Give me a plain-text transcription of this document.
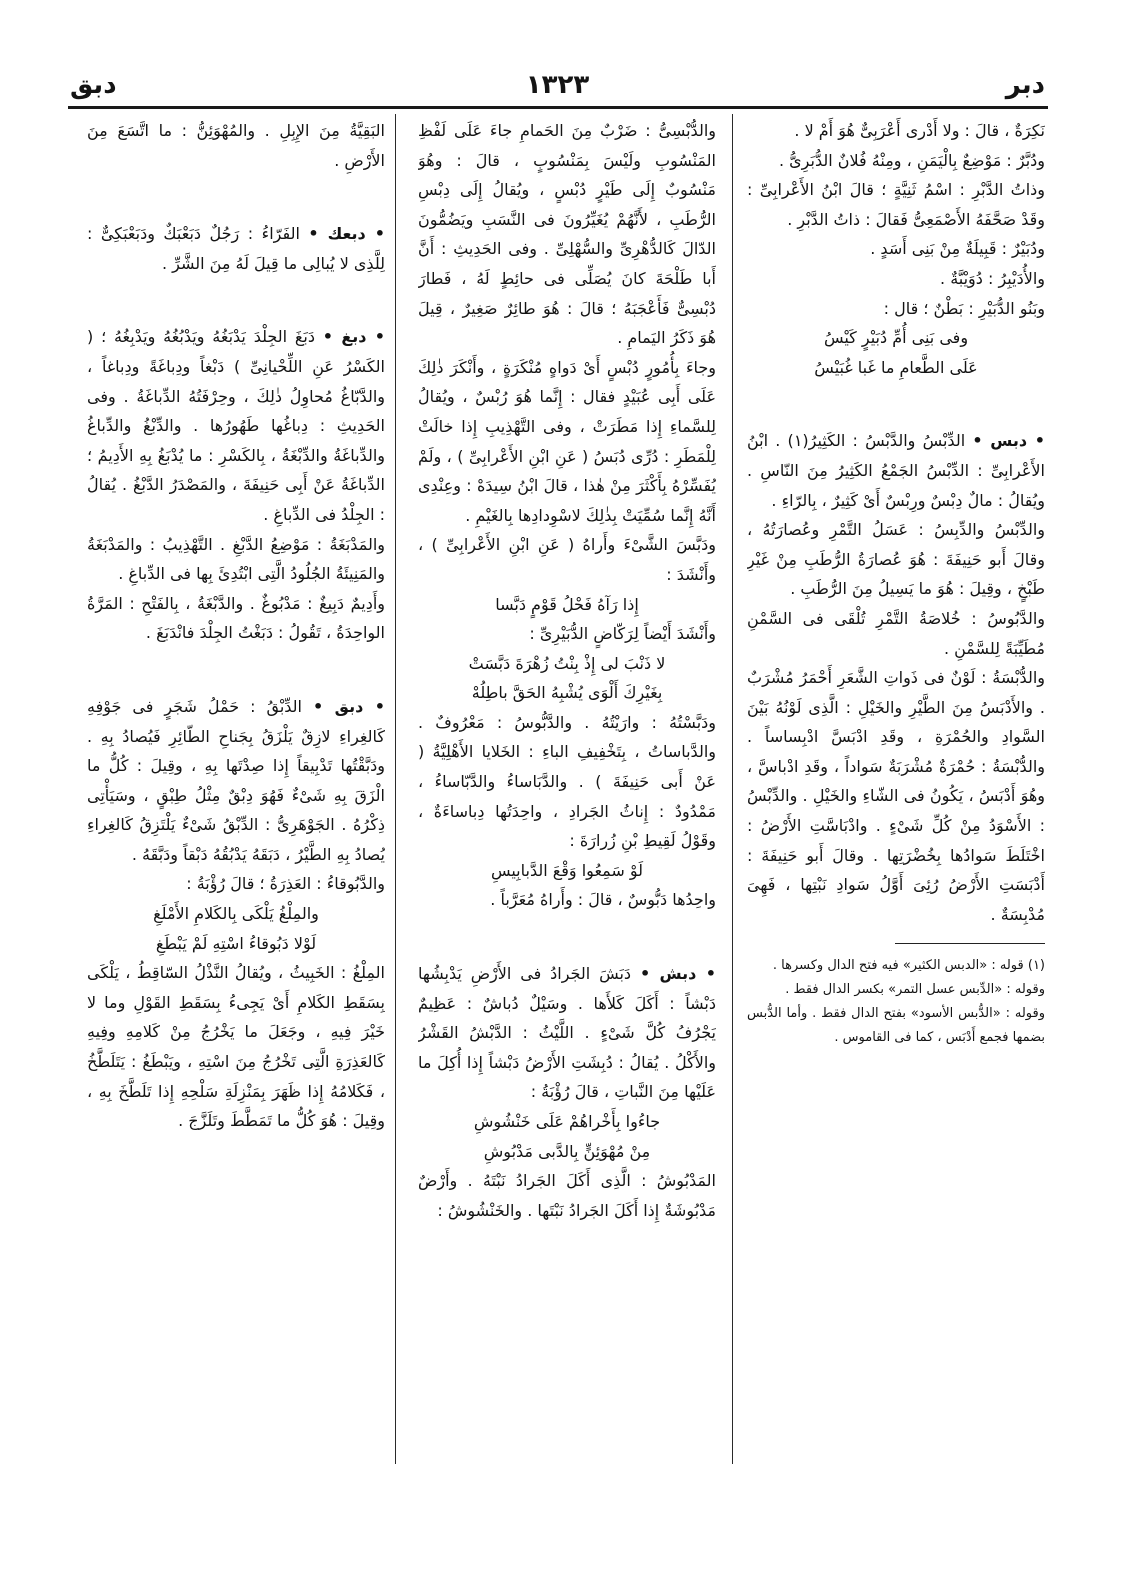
دبر
١٣٢٣
دبق

نَكِرَةٌ ، قالَ : ولا أَدْرى أَعْرَبِىٌّ هُوَ أَمْ لا .

ودُبَّرٌ : مَوْضِعٌ بِالْيَمَنِ ، ومِنْهُ فُلانٌ الدُّبَرِىُّ .

وذاتُ الدَّبْرِ : اسْمُ ثَنِيَّةٍ ؛ قالَ ابْنُ الأَعْرابِىِّ : وقَدْ صَحَّفَهُ الأَصْمَعِىُّ فَقالَ : ذاتُ الدَّبْرِ .

ودُبَيْرٌ : قَبِيلَةٌ مِنْ بَنِى أَسَدٍ .

والأُدَيْبِرُ : دُوَيْبَّةٌ .

وبَنُو الدُّبَيْرِ : بَطْنٌ ؛ قال :

وفى بَنِى أُمِّ دُبَيْرٍ كَيْسُ

عَلَى الطَّعامِ ما غَبا غُبَيْسُ

• دبس • الدِّبْسُ والدَّبْسُ : الكَثِيرُ(١) . ابْنُ الأَعْرابِىِّ : الدِّبْسُ الجَمْعُ الكَثِيرُ مِنَ النّاسِ . ويُقالُ : مالٌ دِبْسٌ ورِبْسٌ أَىْ كَثِيرٌ ، بِالرّاءِ .

والدِّبْسُ والدِّبِسُ : عَسَلُ التَّمْرِ وعُصارَتُهُ ، وقالَ أَبو حَنِيفَةَ : هُوَ عُصارَةُ الرُّطَبِ مِنْ غَيْرِ طَبْخٍ ، وقِيلَ : هُوَ ما يَسِيلُ مِنَ الرُّطَبِ .

والدَّبُوسُ : خُلاصَةُ التَّمْرِ تُلْقَى فى السَّمْنِ مُطَيِّبَةً لِلسَّمْنِ .

والدُّبْسَةُ : لَوْنٌ فى ذَواتِ الشَّعَرِ أَحْمَرُ مُشْرَبٌ . والأَدْبَسُ مِنَ الطَّيْرِ والخَيْلِ : الَّذِى لَوْنُهُ بَيْنَ السَّوادِ والحُمْرَةِ ، وقَدِ ادْبَسَّ ادْبِساساً . والدُّبْسَةُ : حُمْرَةٌ مُشْرَبَةٌ سَواداً ، وقَدِ ادْباسَّ ، وهُوَ أَدْبَسُ ، يَكُونُ فى الشّاءِ والخَيْلِ . والدِّبْسُ : الأَسْوَدُ مِنْ كُلِّ شَىْءٍ . وادْبَاسَّتِ الأَرْضُ : اخْتَلَطَ سَوادُها بِخُضْرَتِها . وقالَ أَبو حَنِيفَةَ : أَدْبَسَتِ الأَرْضُ رُئِىَ أَوَّلُ سَوادِ نَبْتِها ، فَهِىَ مُدْبِسَةٌ .

(١) قوله : «الدبس الكثير» فيه فتح الدال وكسرها .

وقوله : «الدِّبس عسل التمر» بكسر الدال فقط .

وقوله : «الدُّبس الأسود» بفتح الدال فقط . وأما الدُّبس بضمها فجمع أَدْبَس ، كما فى القاموس .

والدُّبْسِىُّ : ضَرْبٌ مِنَ الحَمامِ جاءَ عَلَى لَفْظِ المَنْسُوبِ ولَيْسَ بِمَنْسُوبٍ ، قالَ : وهُوَ مَنْسُوبٌ إِلَى طَيْرٍ دُبْسٍ ، ويُقالُ إِلَى دِبْسِ الرُّطَبِ ، لأَنَّهُمْ يُغَيِّرُونَ فى النَّسَبِ ويَضُمُّونَ الدّالَ كَالدُّهْرِىِّ والسُّهْلِىِّ . وفى الحَدِيثِ : أَنَّ أَبا طَلْحَةَ كانَ يُصَلِّى فى حائِطٍ لَهُ ، فَطارَ دُبْسِىٌّ فَأَعْجَبَهُ ؛ قالَ : هُوَ طائِرٌ صَغِيرٌ ، قِيلَ هُوَ ذَكَرُ اليَمامِ .

وجاءَ بِأُمُورٍ دُبْسٍ أَىْ دَواهٍ مُنْكَرَةٍ ، وأَنْكَرَ ذٰلِكَ عَلَى أَبِى عُبَيْدٍ فقال : إِنَّما هُوَ رُبْسٌ ، ويُقالُ لِلسَّماءِ إِذا مَطَرَتْ ، وفى التَّهْذِيبِ إِذا خالَتْ لِلْمَطَرِ : دُرِّى دُبَسُ ( عَنِ ابْنِ الأَعْرابِىِّ ) ، ولَمْ يُفَسِّرْهُ بِأَكْثَرَ مِنْ هٰذا ، قالَ ابْنُ سِيدَهْ : وعِنْدِى أَنَّهُ إِنَّما سُمِّيَتْ بِذٰلِكَ لاسْوِدادِها بِالغَيْمِ .

ودَبَّسَ الشَّىْءَ وأَراهُ ( عَنِ ابْنِ الأَعْرابِىِّ ) ، وأَنْشَدَ :

إِذا رَآهُ فَحْلُ قَوْمٍ دَبَّسا

وأَنْشَدَ أَيْضاً لِرَكّاضٍ الدُّبَيْرِىِّ :

لا ذَنْبَ لى إِذْ بِنْتُ زُهْرَةَ دَبَّسَتْ

بِغَيْرِكَ أَلْوَى يُشْبِهُ الحَقَّ باطِلُهْ

ودَبَّسْتُهُ : وارَيْتُهُ . والدَّبُّوسُ : مَعْرُوفٌ . والدَّباساتُ ، بِتَخْفِيفِ الباءِ : الخَلايا الأَهْلِيَّةُ ( عَنْ أَبى حَنِيفَةَ ) . والدَّبَاساءُ والدَّبّاساءُ ، مَمْدُودٌ : إِناثُ الجَرادِ ، واحِدَتُها دِباساءَةٌ ، وقَوْلُ لَقِيطِ بْنِ زُرارَةَ :

لَوْ سَمِعُوا وَقْعَ الدَّبابِيسِ

واحِدُها دَبُّوسٌ ، قالَ : وأَراهُ مُعَرَّباً .

• دبش • دَبَشَ الجَرادُ فى الأَرْضِ يَدْبِشُها دَبْشاً : أَكَلَ كَلأَها . وسَيْلٌ دُباشٌ : عَظِيمٌ يَجْرُفُ كُلَّ شَىْءٍ . اللَّيْثُ : الدَّبْشُ القَشْرُ والأَكْلُ . يُقالُ : دُبِشَتِ الأَرْضُ دَبْشاً إِذا أُكِلَ ما عَلَيْها مِنَ النَّباتِ ، قالَ رُؤْبَةُ :

جاءُوا بِأَخْراهُمْ عَلَى خَنْشُوشِ

مِنْ مُهْوَئِنٍّ بِالدَّبى مَدْبُوشِ

المَدْبُوشُ : الَّذِى أَكَلَ الجَرادُ نَبْتَهُ . وأَرْضٌ مَدْبُوشَةٌ إِذا أَكَلَ الجَرادُ نَبْتَها . والخَنْشُوشُ :

البَقِيَّةُ مِنَ الإِبِلِ . والمُهْوَئِنُّ : ما اتَّسَعَ مِنَ الأَرْضِ .

• دبعك • الفَرّاءُ : رَجُلٌ دَبَعْبَكٌ ودَبَعْبَكِىٌّ : لِلَّذِى لا يُبالِى ما قِيلَ لَهُ مِنَ الشَّرِّ .

• دبغ • دَبَغَ الجِلْدَ يَدْبَغُهُ ويَدْبُغُهُ ويَدْبِغُهُ ؛ ( الكَسْرُ عَنِ اللِّحْيانِىِّ ) دَبْغاً ودِباغَةً ودِباغاً ، والدَّبّاغُ مُحاوِلُ ذٰلِكَ ، وحِرْفَتُهُ الدِّباغَةُ . وفى الحَدِيثِ : دِباغُها طَهُورُها . والدِّبْغُ والدِّباغُ والدِّباغَةُ والدِّبْغَةُ ، بِالكَسْرِ : ما يُدْبَغُ بِهِ الأَدِيمُ ؛ الدِّباغَةُ عَنْ أَبِى حَنِيفَةَ ، والمَصْدَرُ الدَّبْغُ . يُقالُ : الجِلْدُ فى الدِّباغِ .

والمَدْبَغَةُ : مَوْضِعُ الدَّبْغِ . التَّهْذِيبُ : والمَدْبَغَةُ والمَنِيئَةُ الجُلُودُ الَّتِى ابْتُدِئَ بِها فى الدِّباغِ .

وأَدِيمٌ دَبِيغٌ : مَدْبُوغٌ . والدَّبْغَةُ ، بِالفَتْحِ : المَرَّةُ الواحِدَةُ ، تَقُولُ : دَبَغْتُ الجِلْدَ فانْدَبَغَ .

• دبق • الدِّبْقُ : حَمْلُ شَجَرٍ فى جَوْفِهِ كَالغِراءِ لازِقٌ يَلْزَقُ بِجَناحِ الطّائِرِ فَيُصادُ بِهِ . ودَبَّقْتُها تَدْبِيقاً إِذا صِدْتَها بِهِ ، وقِيلَ : كُلُّ ما الْزَقَ بِهِ شَىْءٌ فَهُوَ دِبْقٌ مِثْلُ طِبْقٍ ، وسَيَأْتِى ذِكْرُهُ . الجَوْهَرِىُّ : الدِّبْقُ شَىْءٌ يَلْتَزِقُ كَالغِراءِ يُصادُ بِهِ الطَّيْرُ ، دَبَقَهُ يَدْبُقُهُ دَبْقاً ودَبَّقَهُ .

والدَّبُوقاءُ : العَذِرَةُ ؛ قالَ رُؤْبَةُ :

والمِلْغُ يَلْكَى بِالكَلامِ الأَمْلَغِ

لَوْلا دَبُوقاءُ اسْتِهِ لَمْ يَبْطَغِ

المِلْغُ : الخَبِيثُ ، ويُقالُ النَّذْلُ السّاقِطُ ، يَلْكَى بِسَقَطِ الكَلامِ أَىْ يَجِىءُ بِسَقَطِ القَوْلِ وما لا خَيْرَ فِيهِ ، وجَعَلَ ما يَخْرُجُ مِنْ كَلامِهِ وفِيهِ كَالعَذِرَةِ الَّتِى تَخْرُجُ مِنَ اسْتِهِ ، ويَبْطَغُ : يَتَلَطَّخُ ، فَكَلامُهُ إِذا ظَهَرَ بِمَنْزِلَةِ سَلْحِهِ إِذا تَلَطَّخَ بِهِ ، وقِيلَ : هُوَ كُلُّ ما تَمَطَّطَ وتَلَزَّجَ .
